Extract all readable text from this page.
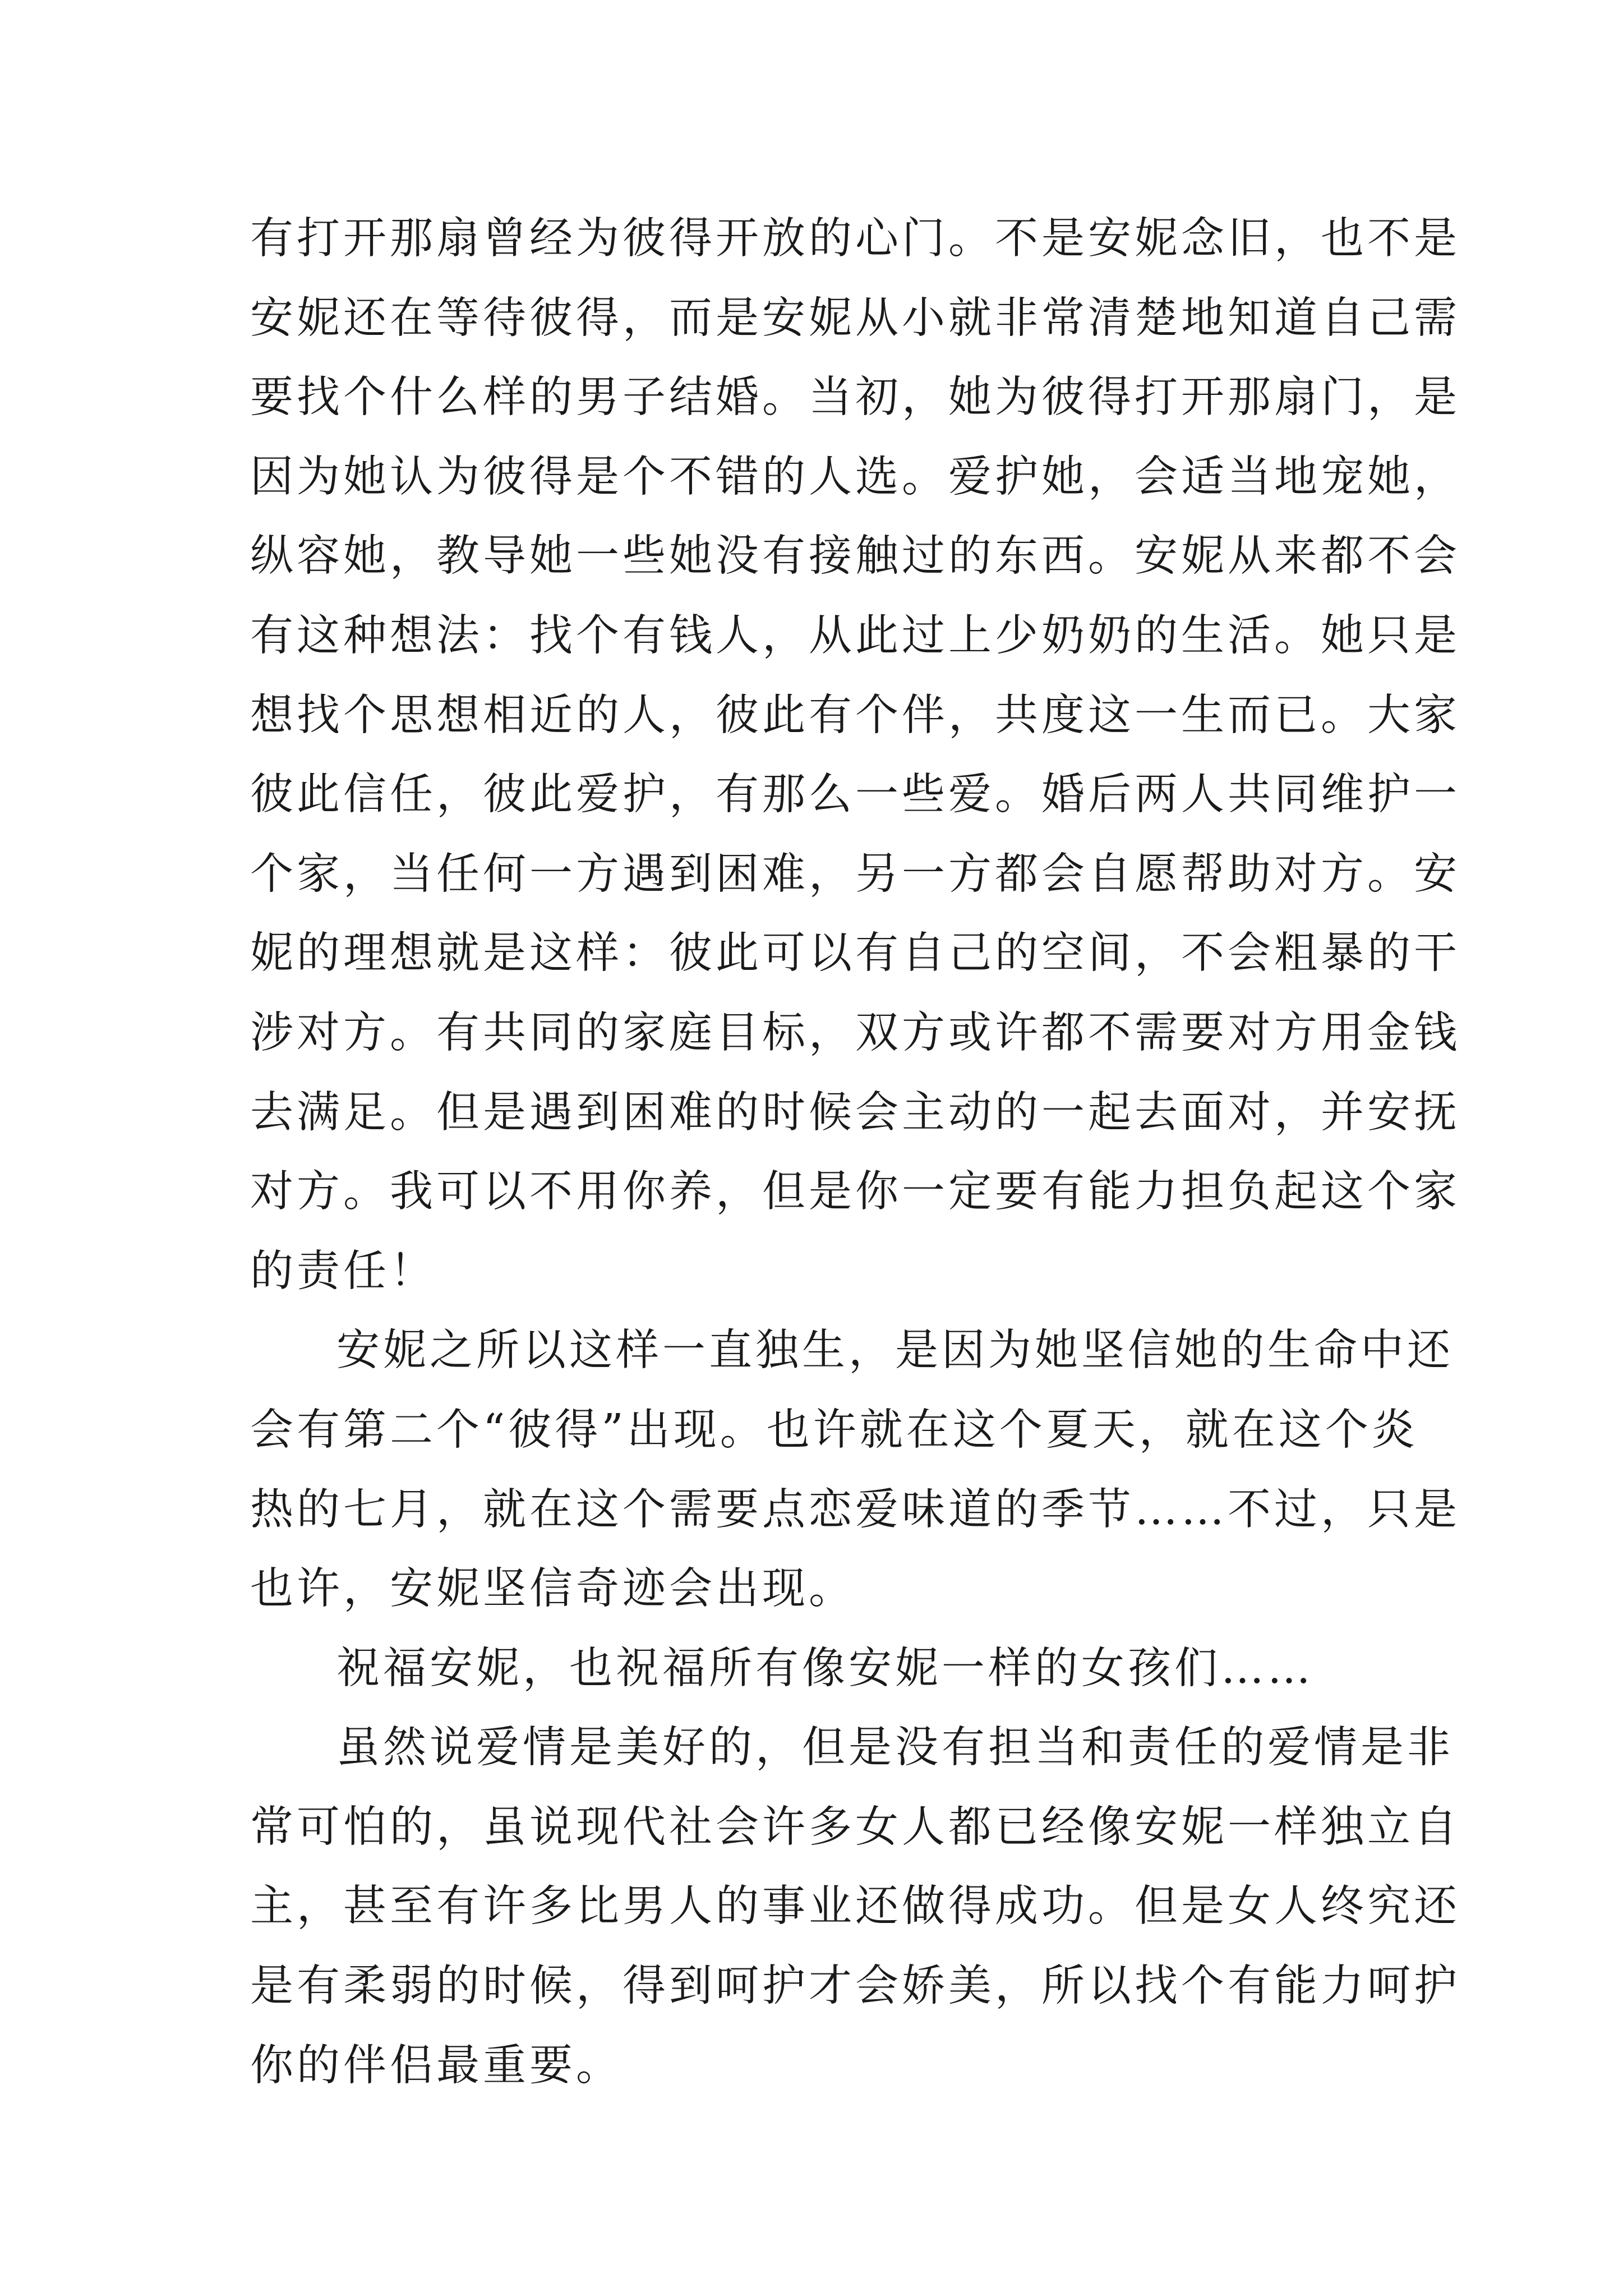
有打开那扇曾经为彼得开放的心门。不是安妮念旧，也不是
安妮还在等待彼得，而是安妮从小就非常清楚地知道自己需
要找个什么样的男子结婚。当初，她为彼得打开那扇门，是
因为她认为彼得是个不错的人选。爱护她，会适当地宠她，
纵容她，教导她一些她没有接触过的东西。安妮从来都不会
有这种想法：找个有钱人，从此过上少奶奶的生活。她只是
想找个思想相近的人，彼此有个伴，共度这一生而已。大家
彼此信任，彼此爱护，有那么一些爱。婚后两人共同维护一
个家，当任何一方遇到困难，另一方都会自愿帮助对方。安
妮的理想就是这样：彼此可以有自己的空间，不会粗暴的干
涉对方。有共同的家庭目标，双方或许都不需要对方用金钱
去满足。但是遇到困难的时候会主动的一起去面对，并安抚
对方。我可以不用你养，但是你一定要有能力担负起这个家
的责任！
安妮之所以这样一直独生，是因为她坚信她的生命中还
会有第二个“彼得”出现。也许就在这个夏天，就在这个炎
热的七月，就在这个需要点恋爱味道的季节……不过，只是
也许，安妮坚信奇迹会出现。
祝福安妮，也祝福所有像安妮一样的女孩们……
虽然说爱情是美好的，但是没有担当和责任的爱情是非
常可怕的，虽说现代社会许多女人都已经像安妮一样独立自
主，甚至有许多比男人的事业还做得成功。但是女人终究还
是有柔弱的时候，得到呵护才会娇美，所以找个有能力呵护
你的伴侣最重要。
